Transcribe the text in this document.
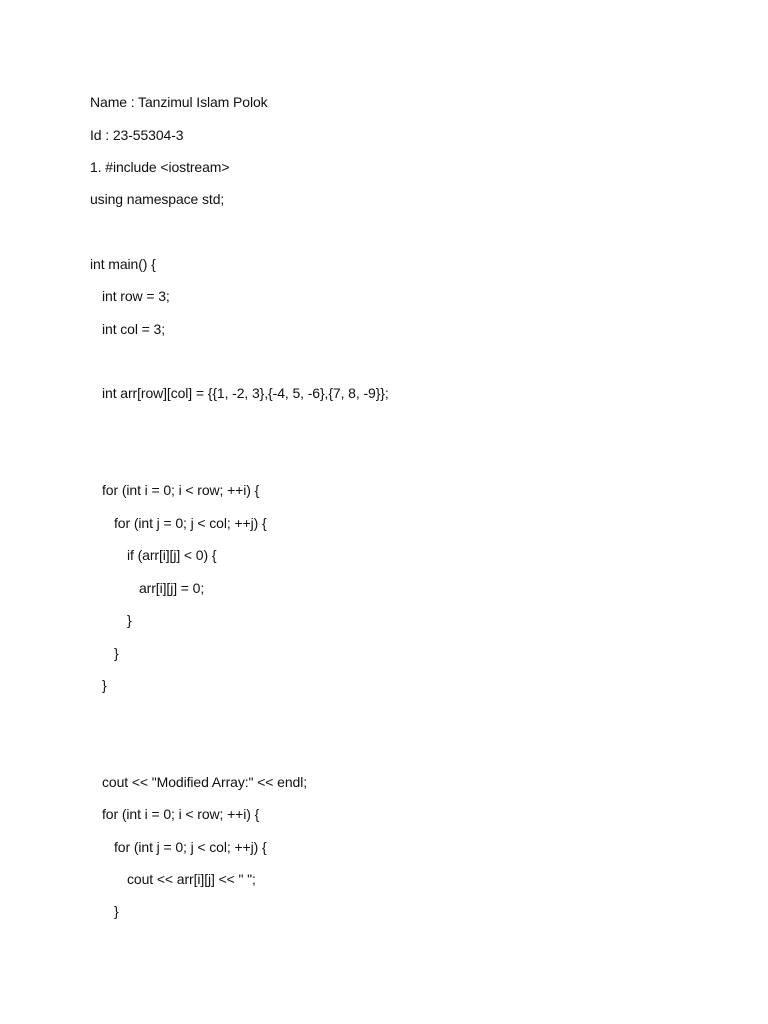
Name : Tanzimul Islam Polok
Id : 23-55304-3
1. #include <iostream>
using namespace std;
int main() {
int row = 3;
int col = 3;
int arr[row][col] = {{1, -2, 3},{-4, 5, -6},{7, 8, -9}};
for (int i = 0; i < row; ++i) {
for (int j = 0; j < col; ++j) {
if (arr[i][j] < 0) {
arr[i][j] = 0;
}
}
}
cout << "Modified Array:" << endl;
for (int i = 0; i < row; ++i) {
for (int j = 0; j < col; ++j) {
cout << arr[i][j] << " ";
}
